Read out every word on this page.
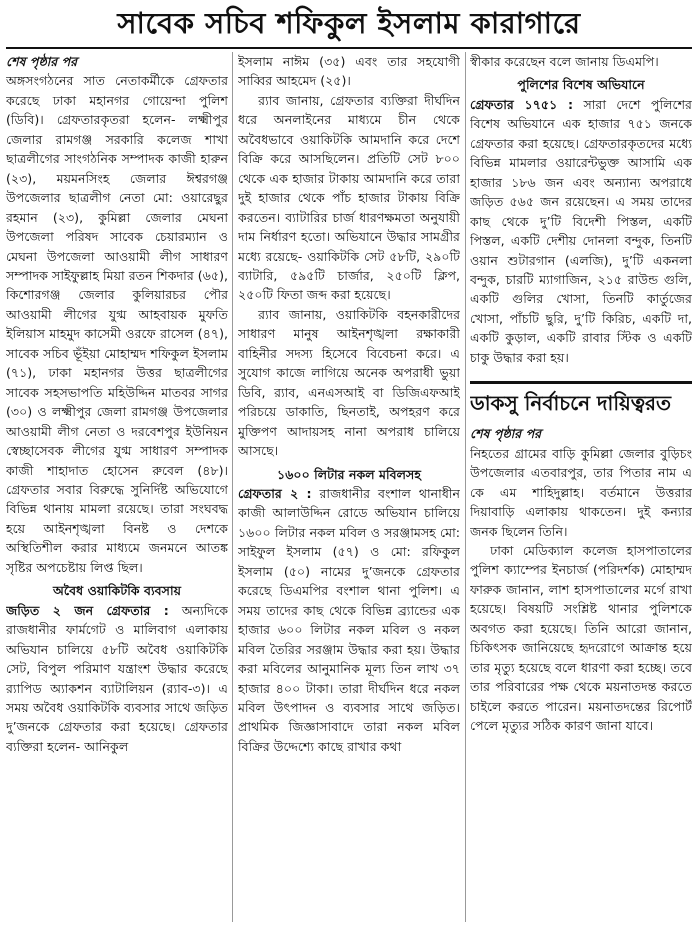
সাবেক সচিব শফিকুল ইসলাম কারাগারে

শেষ পৃষ্ঠার পর

অঙ্গসংগঠনের সাত নেতাকর্মীকে গ্রেফতার করেছে ঢাকা মহানগর গোয়েন্দা পুলিশ (ডিবি)। গ্রেফতারকৃতরা হলেন- লক্ষ্মীপুর জেলার রামগঞ্জ সরকারি কলেজ শাখা ছাত্রলীগের সাংগঠনিক সম্পাদক কাজী হারুন (২৩), ময়মনসিংহ জেলার ঈশ্বরগঞ্জ উপজেলার ছাত্রলীগ নেতা মো: ওয়ারেছুর রহমান (২৩), কুমিল্লা জেলার মেঘনা উপজেলা পরিষদ সাবেক চেয়ারম্যান ও মেঘনা উপজেলা আওয়ামী লীগ সাধারণ সম্পাদক সাইফুল্লাহ মিয়া রতন শিকদার (৬৫), কিশোরগঞ্জ জেলার কুলিয়ারচর পৌর আওয়ামী লীগের যুগ্ম আহবায়ক মুফতি ইলিয়াস মাহমুদ কাসেমী ওরফে রাসেল (৪৭), সাবেক সচিব ভূঁইয়া মোহাম্মদ শফিকুল ইসলাম (৭১), ঢাকা মহানগর উত্তর ছাত্রলীগের সাবেক সহসভাপতি মহিউদ্দিন মাতবর সাগর (৩০) ও লক্ষ্মীপুর জেলা রামগঞ্জ উপজেলার আওয়ামী লীগ নেতা ও দরবেশপুর ইউনিয়ন স্বেচ্ছাসেবক লীগের যুগ্ম সাধারণ সম্পাদক কাজী শাহাদাত হোসেন রুবেল (৪৮)। গ্রেফতার সবার বিরুদ্ধে সুনির্দিষ্ট অভিযোগে বিভিন্ন থানায় মামলা রয়েছে। তারা সংঘবদ্ধ হয়ে আইনশৃঙ্খলা বিনষ্ট ও দেশকে অস্থিতিশীল করার মাধ্যমে জনমনে আতঙ্ক সৃষ্টির অপচেষ্টায় লিপ্ত ছিল।

অবৈধ ওয়াকিটকি ব্যবসায়

জড়িত ২ জন গ্রেফতার : অন্যদিকে রাজধানীর ফার্মগেট ও মালিবাগ এলাকায় অভিযান চালিয়ে ৫৮টি অবৈধ ওয়াকিটকি সেট, বিপুল পরিমাণ যন্ত্রাংশ উদ্ধার করেছে র‌্যাপিড অ্যাকশন ব্যাটালিয়ন (র‌্যাব-৩)। এ সময় অবৈধ ওয়াকিটকি ব্যবসার সাথে জড়িত দু’জনকে গ্রেফতার করা হয়েছে। গ্রেফতার ব্যক্তিরা হলেন- আনিকুল

ইসলাম নাঈম (৩৫) এবং তার সহযোগী সাব্বির আহমেদ (২৫)।

র‌্যাব জানায়, গ্রেফতার ব্যক্তিরা দীর্ঘদিন ধরে অনলাইনের মাধ্যমে চীন থেকে অবৈধভাবে ওয়াকিটকি আমদানি করে দেশে বিক্রি করে আসছিলেন। প্রতিটি সেট ৮০০ থেকে এক হাজার টাকায় আমদানি করে তারা দুই হাজার থেকে পাঁচ হাজার টাকায় বিক্রি করতেন। ব্যাটারির চার্জ ধারণক্ষমতা অনুযায়ী দাম নির্ধারণ হতো। অভিযানে উদ্ধার সামগ্রীর মধ্যে রয়েছে- ওয়াকিটকি সেট ৫৮টি, ২৯০টি ব্যাটারি, ৫৯৫টি চার্জার, ২৫০টি ক্লিপ, ২৫০টি ফিতা জব্দ করা হয়েছে।

র‌্যাব জানায়, ওয়াকিটকি বহনকারীদের সাধারণ মানুষ আইনশৃঙ্খলা রক্ষাকারী বাহিনীর সদস্য হিসেবে বিবেচনা করে। এ সুযোগ কাজে লাগিয়ে অনেক অপরাধী ভুয়া ডিবি, র‌্যাব, এনএসআই বা ডিজিএফআই পরিচয়ে ডাকাতি, ছিনতাই, অপহরণ করে মুক্তিপণ আদায়সহ নানা অপরাধ চালিয়ে আসছে।

১৬০০ লিটার নকল মবিলসহ

গ্রেফতার ২ : রাজধানীর বংশাল থানাধীন কাজী আলাউদ্দিন রোডে অভিযান চালিয়ে ১৬০০ লিটার নকল মবিল ও সরঞ্জামসহ মো: সাইফুল ইসলাম (৫৭) ও মো: রফিকুল ইসলাম (৫০) নামের দু’জনকে গ্রেফতার করেছে ডিএমপির বংশাল থানা পুলিশ। এ সময় তাদের কাছ থেকে বিভিন্ন ব্র্যান্ডের এক হাজার ৬০০ লিটার নকল মবিল ও নকল মবিল তৈরির সরঞ্জাম উদ্ধার করা হয়। উদ্ধার করা মবিলের আনুমানিক মূল্য তিন লাখ ৩৭ হাজার ৪০০ টাকা। তারা দীর্ঘদিন ধরে নকল মবিল উৎপাদন ও ব্যবসার সাথে জড়িত। প্রাথমিক জিজ্ঞাসাবাদে তারা নকল মবিল বিক্রির উদ্দেশ্যে কাছে রাখার কথা

স্বীকার করেছেন বলে জানায় ডিএমপি।

পুলিশের বিশেষ অভিযানে

গ্রেফতার ১৭৫১ : সারা দেশে পুলিশের বিশেষ অভিযানে এক হাজার ৭৫১ জনকে গ্রেফতার করা হয়েছে। গ্রেফতারকৃতদের মধ্যে বিভিন্ন মামলার ওয়ারেন্টভুক্ত আসামি এক হাজার ১৮৬ জন এবং অন্যান্য অপরাধে জড়িত ৫৬৫ জন রয়েছেন। এ সময় তাদের কাছ থেকে দু’টি বিদেশী পিস্তল, একটি পিস্তল, একটি দেশীয় দোনলা বন্দুক, তিনটি ওয়ান শুটারগান (এলজি), দু’টি একনলা বন্দুক, চারটি ম্যাগাজিন, ২১৫ রাউন্ড গুলি, একটি গুলির খোসা, তিনটি কার্তুজের খোসা, পাঁচটি ছুরি, দু’টি কিরিচ, একটি দা, একটি কুড়াল, একটি রাবার স্টিক ও একটি চাকু উদ্ধার করা হয়।

ডাকসু নির্বাচনে দায়িত্বরত

শেষ পৃষ্ঠার পর

নিহতের গ্রামের বাড়ি কুমিল্লা জেলার বুড়িচং উপজেলার এতবারপুর, তার পিতার নাম এ কে এম শাহিদুল্লাহ। বর্তমানে উত্তরার দিয়াবাড়ি এলাকায় থাকতেন। দুই কন্যার জনক ছিলেন তিনি।

ঢাকা মেডিক্যাল কলেজ হাসপাতালের পুলিশ ক্যাম্পের ইনচার্জ (পরিদর্শক) মোহাম্মদ ফারুক জানান, লাশ হাসপাতালের মর্গে রাখা হয়েছে। বিষয়টি সংশ্লিষ্ট থানার পুলিশকে অবগত করা হয়েছে। তিনি আরো জানান, চিকিৎসক জানিয়েছে হৃদরোগে আক্রান্ত হয়ে তার মৃত্যু হয়েছে বলে ধারণা করা হচ্ছে। তবে তার পরিবারের পক্ষ থেকে ময়নাতদন্ত করতে চাইলে করতে পারেন। ময়নাতদন্তের রিপোর্ট পেলে মৃত্যুর সঠিক কারণ জানা যাবে।
